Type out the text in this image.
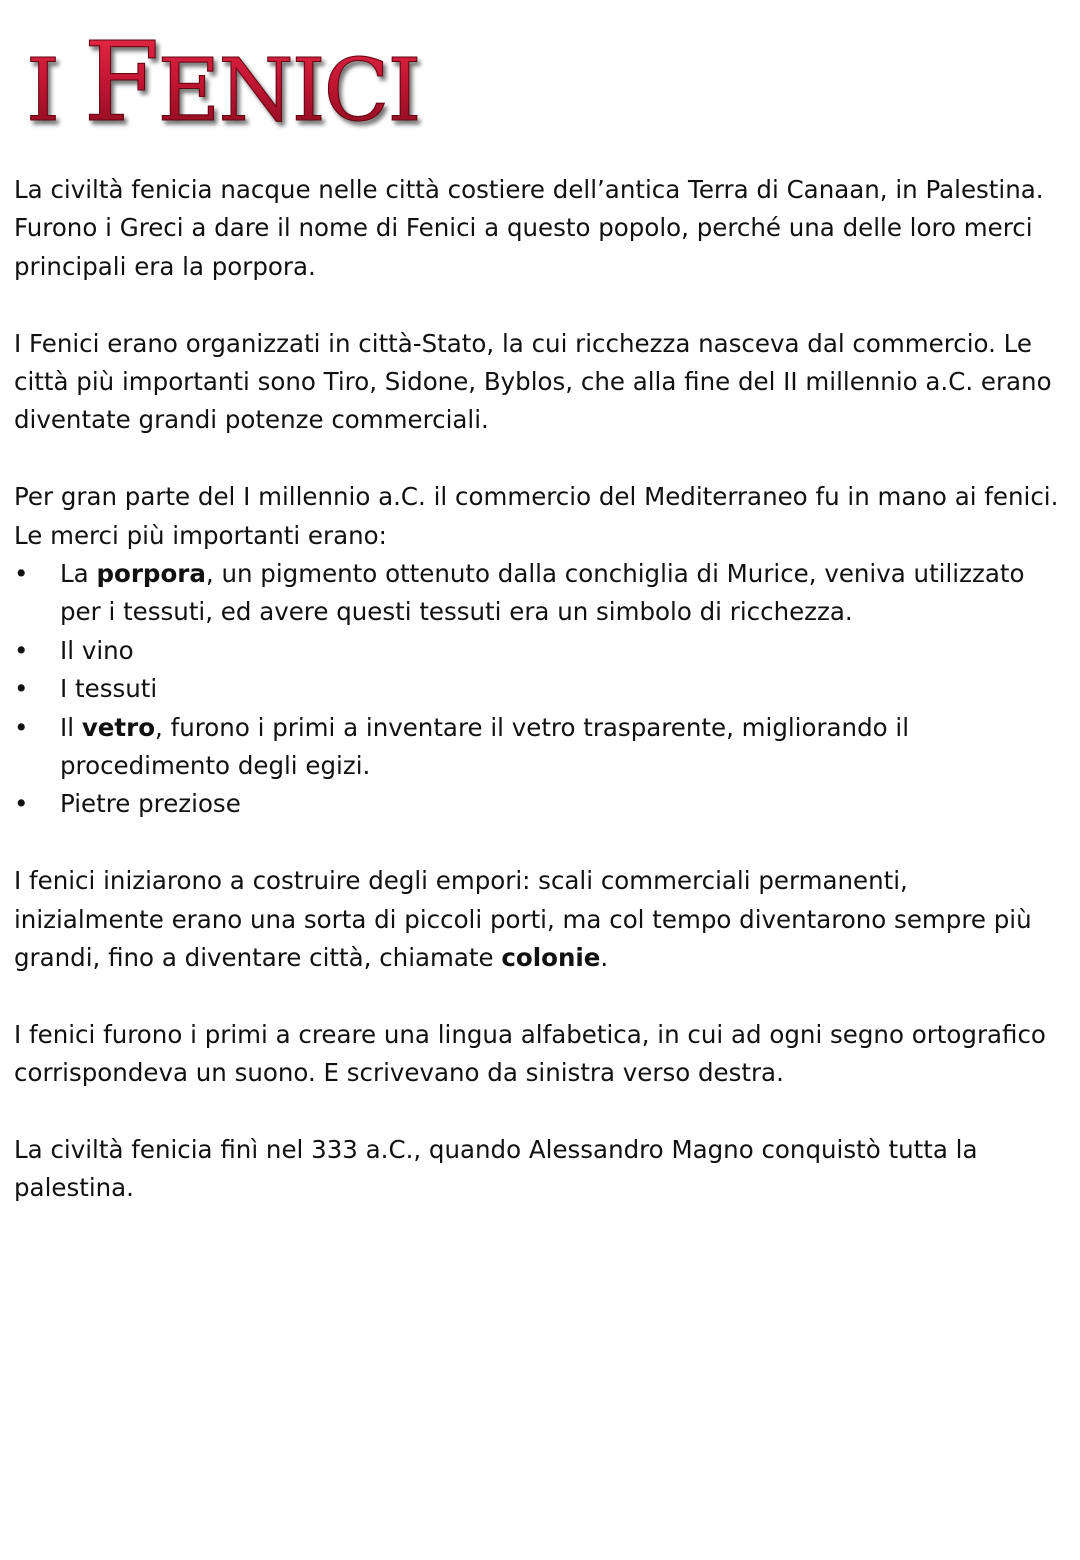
I FENICI

La civiltà fenicia nacque nelle città costiere dell’antica Terra di Canaan, in Palestina. Furono i Greci a dare il nome di Fenici a questo popolo, perché una delle loro merci principali era la porpora.

I Fenici erano organizzati in città-Stato, la cui ricchezza nasceva dal commercio. Le città più importanti sono Tiro, Sidone, Byblos, che alla fine del II millennio a.C. erano diventate grandi potenze commerciali.

Per gran parte del I millennio a.C. il commercio del Mediterraneo fu in mano ai fenici. Le merci più importanti erano:

• La porpora, un pigmento ottenuto dalla conchiglia di Murice, veniva utilizzato per i tessuti, ed avere questi tessuti era un simbolo di ricchezza.
• Il vino
• I tessuti
• Il vetro, furono i primi a inventare il vetro trasparente, migliorando il procedimento degli egizi.
• Pietre preziose

I fenici iniziarono a costruire degli empori: scali commerciali permanenti, inizialmente erano una sorta di piccoli porti, ma col tempo diventarono sempre più grandi, fino a diventare città, chiamate colonie.

I fenici furono i primi a creare una lingua alfabetica, in cui ad ogni segno ortografico corrispondeva un suono. E scrivevano da sinistra verso destra.

La civiltà fenicia finì nel 333 a.C., quando Alessandro Magno conquistò tutta la palestina.
